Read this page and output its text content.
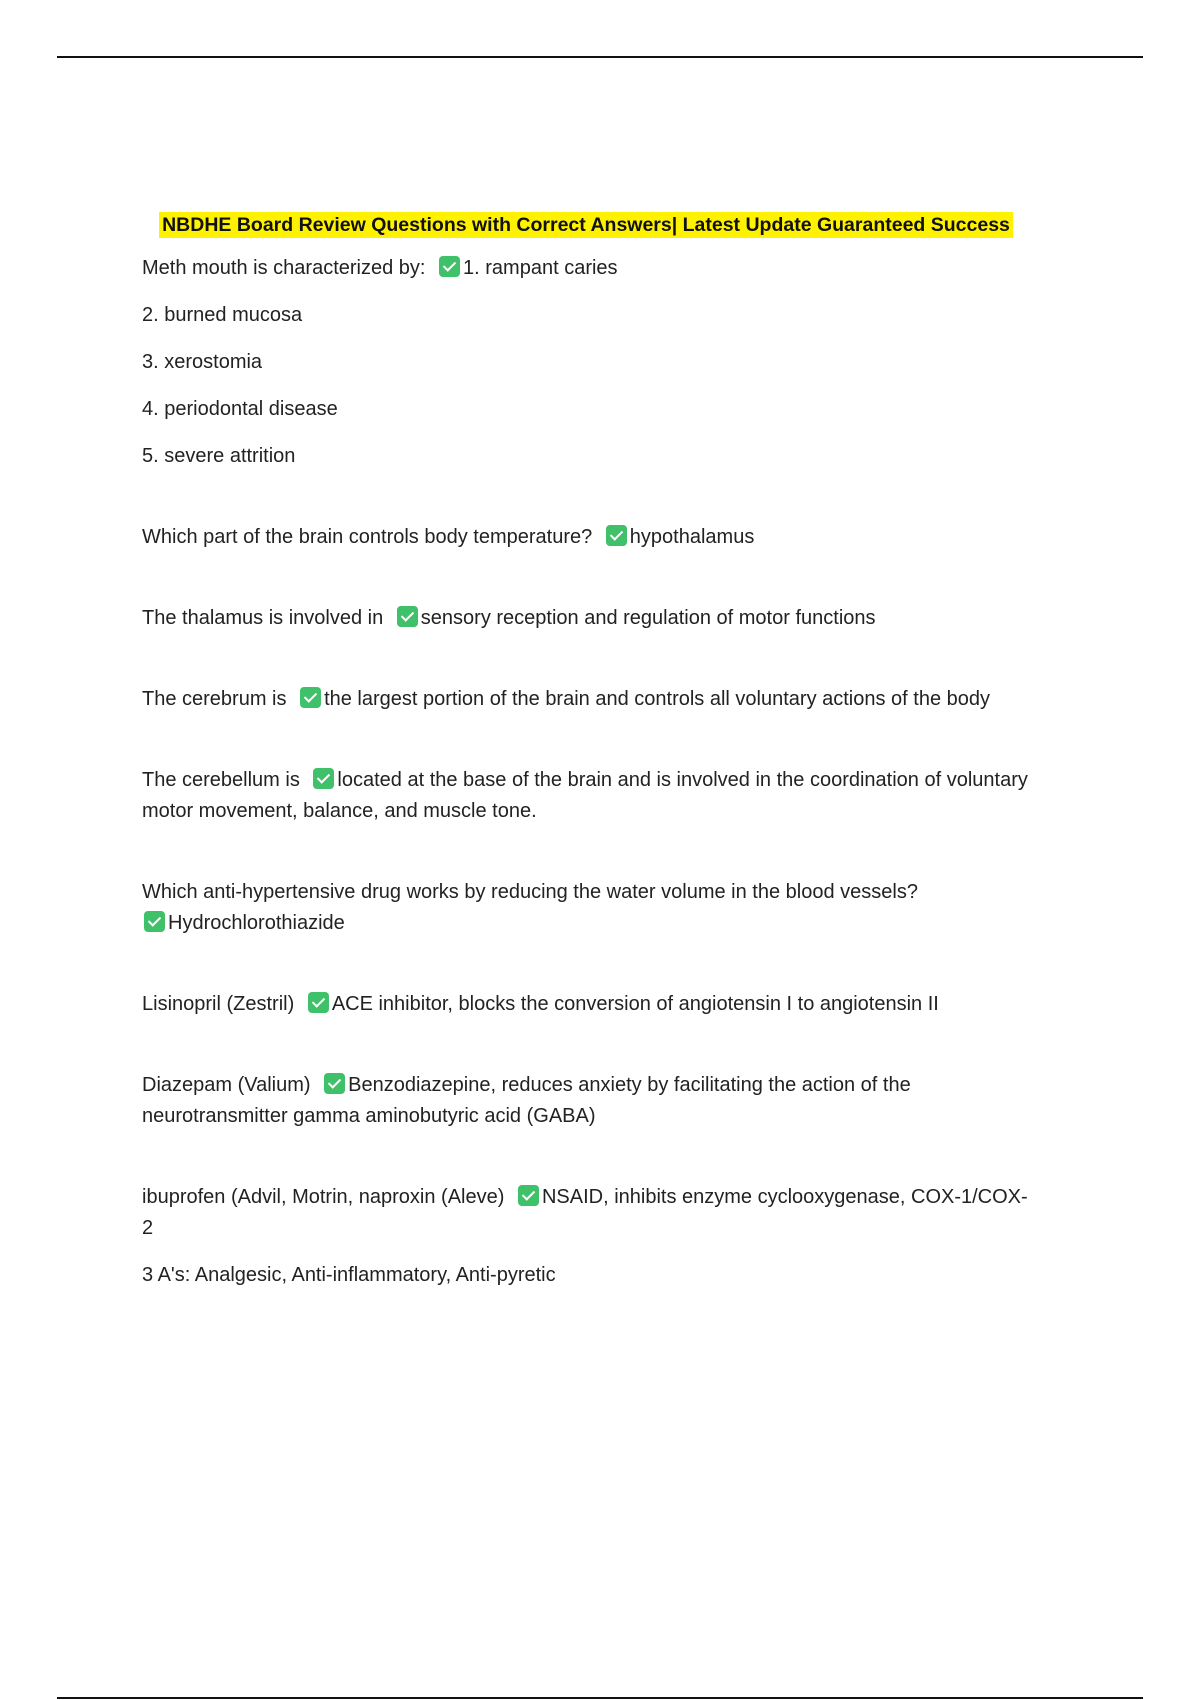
NBDHE Board Review Questions with Correct Answers| Latest Update Guaranteed Success

Meth mouth is characterized by: 1. rampant caries

2. burned mucosa

3. xerostomia

4. periodontal disease

5. severe attrition

Which part of the brain controls body temperature? hypothalamus

The thalamus is involved in sensory reception and regulation of motor functions

The cerebrum is the largest portion of the brain and controls all voluntary actions of the body

The cerebellum is located at the base of the brain and is involved in the coordination of voluntary motor movement, balance, and muscle tone.

Which anti-hypertensive drug works by reducing the water volume in the blood vessels?
Hydrochlorothiazide

Lisinopril (Zestril) ACE inhibitor, blocks the conversion of angiotensin I to angiotensin II

Diazepam (Valium) Benzodiazepine, reduces anxiety by facilitating the action of the neurotransmitter gamma aminobutyric acid (GABA)

ibuprofen (Advil, Motrin, naproxin (Aleve) NSAID, inhibits enzyme cyclooxygenase, COX-1/COX-2

3 A's: Analgesic, Anti-inflammatory, Anti-pyretic
